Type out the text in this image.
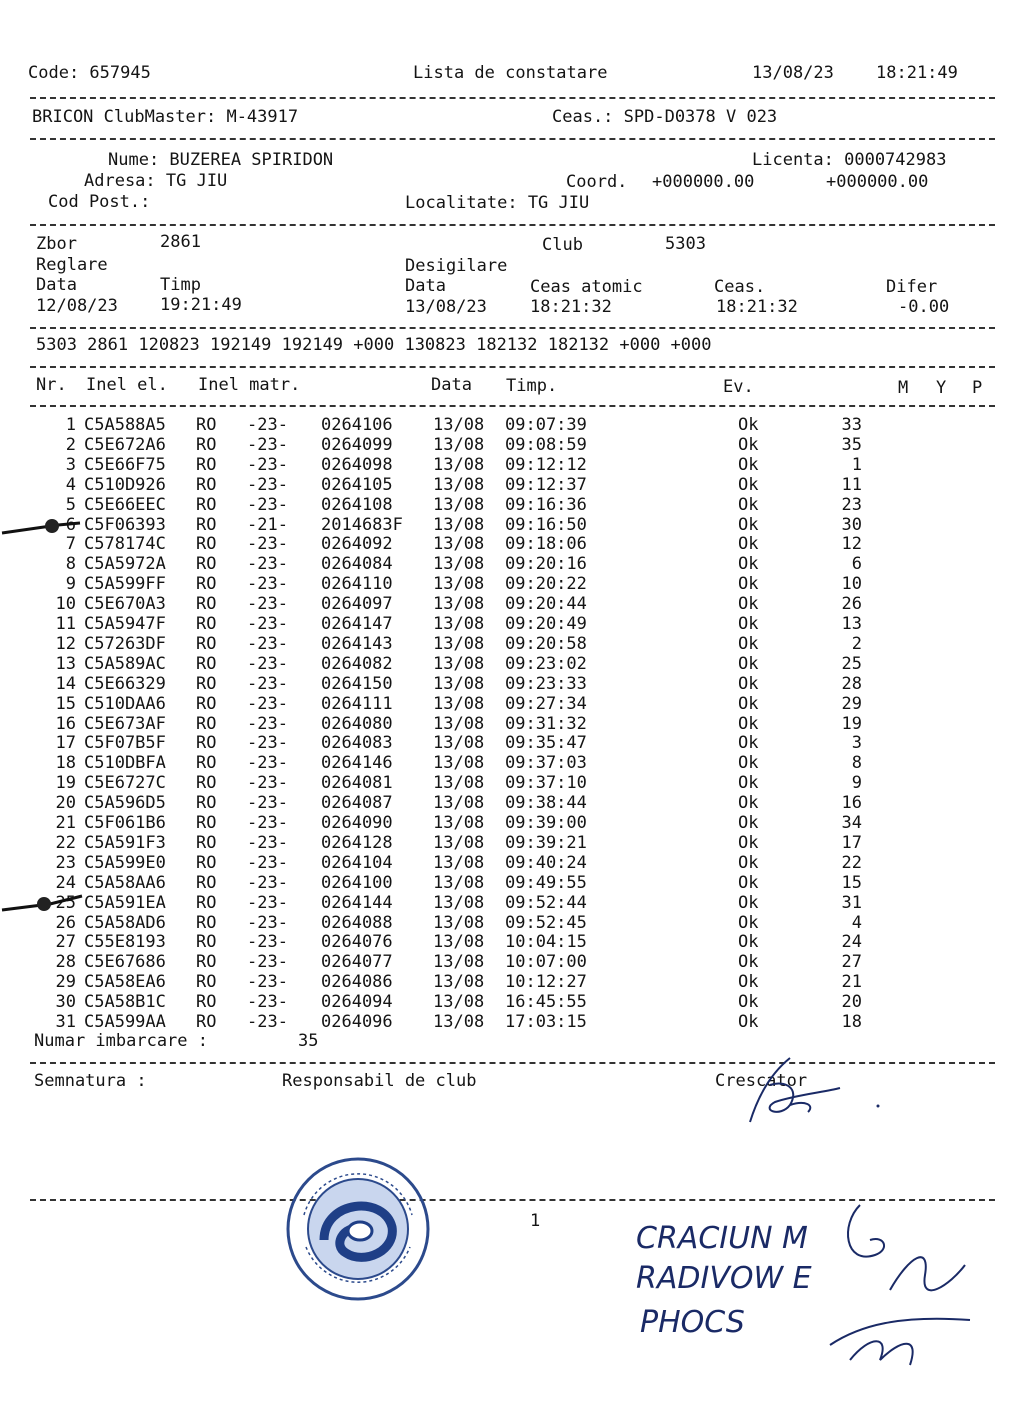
Code: 657945	Lista de constatare	13/08/23 18:21:49
BRICON ClubMaster: M-43917	Ceas.: SPD-D0378 V 023
Nume: BUZEREA SPIRIDON	Licenta: 0000742983
Adresa: TG JIU	Coord. +000000.00	+000000.00
Cod Post.:	Localitate: TG JIU
Zbor	2861	Club	5303
Reglare	Desigilare
Data	Timp	Data	Ceas atomic	Ceas.	Difer
12/08/23 19:21:49	13/08/23	18:21:32	18:21:32	-0.00
5303 2861 120823 192149 192149 +000 130823 182132 182132 +000 +000
Nr. Inel el. Inel matr.	Data Timp.	Ev.	M Y P
1 C5A588A5 RO -23- 0264106 13/08 09:07:39	Ok	33
2 C5E672A6 RO -23- 0264099 13/08 09:08:59	Ok	35
3 C5E66F75 RO -23- 0264098 13/08 09:12:12	Ok	1
4 C510D926 RO -23- 0264105 13/08 09:12:37	Ok	11
5 C5E66EEC RO -23- 0264108 13/08 09:16:36	Ok	23
6 C5F06393 RO -21- 2014683F 13/08 09:16:50	Ok	30
7 C578174C RO -23- 0264092 13/08 09:18:06	Ok	12
8 C5A5972A RO -23- 0264084 13/08 09:20:16	Ok	6
9 C5A599FF RO -23- 0264110 13/08 09:20:22	Ok	10
10 C5E670A3 RO -23- 0264097 13/08 09:20:44	Ok	26
11 C5A5947F RO -23- 0264147 13/08 09:20:49	Ok	13
12 C57263DF RO -23- 0264143 13/08 09:20:58	Ok	2
13 C5A589AC RO -23- 0264082 13/08 09:23:02	Ok	25
14 C5E66329 RO -23- 0264150 13/08 09:23:33	Ok	28
15 C510DAA6 RO -23- 0264111 13/08 09:27:34	Ok	29
16 C5E673AF RO -23- 0264080 13/08 09:31:32	Ok	19
17 C5F07B5F RO -23- 0264083 13/08 09:35:47	Ok	3
18 C510DBFA RO -23- 0264146 13/08 09:37:03	Ok	8
19 C5E6727C RO -23- 0264081 13/08 09:37:10	Ok	9
20 C5A596D5 RO -23- 0264087 13/08 09:38:44	Ok	16
21 C5F061B6 RO -23- 0264090 13/08 09:39:00	Ok	34
22 C5A591F3 RO -23- 0264128 13/08 09:39:21	Ok	17
23 C5A599E0 RO -23- 0264104 13/08 09:40:24	Ok	22
24 C5A58AA6 RO -23- 0264100 13/08 09:49:55	Ok	15
25 C5A591EA RO -23- 0264144 13/08 09:52:44	Ok	31
26 C5A58AD6 RO -23- 0264088 13/08 09:52:45	Ok	4
27 C55E8193 RO -23- 0264076 13/08 10:04:15	Ok	24
28 C5E67686 RO -23- 0264077 13/08 10:07:00	Ok	27
29 C5A58EA6 RO -23- 0264086 13/08 10:12:27	Ok	21
30 C5A58B1C RO -23- 0264094 13/08 16:45:55	Ok	20
31 C5A599AA RO -23- 0264096 13/08 17:03:15	Ok	18
Numar imbarcare :	35
Semnatura :	Responsabil de club	Crescator
1	CRACIUN M
RADIVOW E
PHOCS
